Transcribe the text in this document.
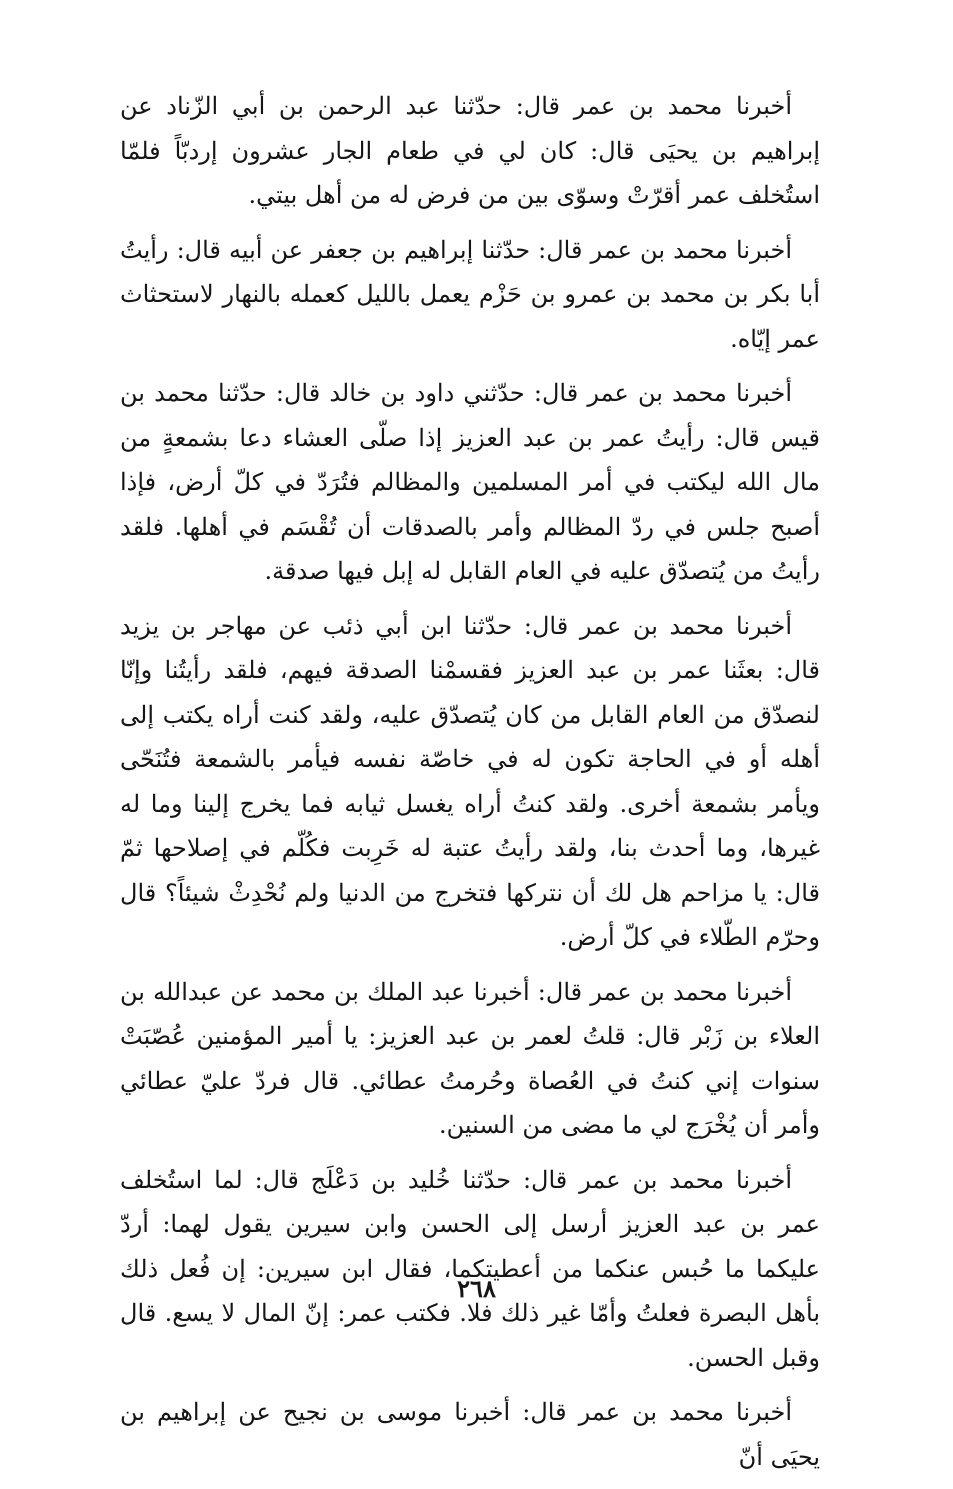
أخبرنا محمد بن عمر قال: حدّثنا عبد الرحمن بن أبي الزّناد عن إبراهيم بن يحيَى قال: كان لي في طعام الجار عشرون إردبّاً فلمّا استُخلف عمر أقرّتْ وسوّى بين من فرض له من أهل بيتي.

أخبرنا محمد بن عمر قال: حدّثنا إبراهيم بن جعفر عن أبيه قال: رأيتُ أبا بكر بن محمد بن عمرو بن حَزْم يعمل بالليل كعمله بالنهار لاستحثاث عمر إيّاه.

أخبرنا محمد بن عمر قال: حدّثني داود بن خالد قال: حدّثنا محمد بن قيس قال: رأيتُ عمر بن عبد العزيز إذا صلّى العشاء دعا بشمعةٍ من مال الله ليكتب في أمر المسلمين والمظالم فتُرَدّ في كلّ أرض، فإذا أصبح جلس في ردّ المظالم وأمر بالصدقات أن تُقْسَم في أهلها. فلقد رأيتُ من يُتصدّق عليه في العام القابل له إبل فيها صدقة.

أخبرنا محمد بن عمر قال: حدّثنا ابن أبي ذئب عن مهاجر بن يزيد قال: بعثَنا عمر بن عبد العزيز فقسمْنا الصدقة فيهم، فلقد رأيتُنا وإنّا لنصدّق من العام القابل من كان يُتصدّق عليه، ولقد كنت أراه يكتب إلى أهله أو في الحاجة تكون له في خاصّة نفسه فيأمر بالشمعة فتُنَحّى ويأمر بشمعة أخرى. ولقد كنتُ أراه يغسل ثيابه فما يخرج إلينا وما له غيرها، وما أحدث بنا، ولقد رأيتُ عتبة له خَرِبت فكُلّم في إصلاحها ثمّ قال: يا مزاحم هل لك أن نتركها فتخرج من الدنيا ولم نُحْدِثْ شيئاً؟ قال وحرّم الطّلاء في كلّ أرض.

أخبرنا محمد بن عمر قال: أخبرنا عبد الملك بن محمد عن عبدالله بن العلاء بن زَبْر قال: قلتُ لعمر بن عبد العزيز: يا أمير المؤمنين عُصّبَتْ سنوات إني كنتُ في العُصاة وحُرمتُ عطائي. قال فردّ عليّ عطائي وأمر أن يُخْرَج لي ما مضى من السنين.

أخبرنا محمد بن عمر قال: حدّثنا خُليد بن دَعْلَج قال: لما استُخلف عمر بن عبد العزيز أرسل إلى الحسن وابن سيرين يقول لهما: أردّ عليكما ما حُبس عنكما من أعطيتكما، فقال ابن سيرين: إن فُعل ذلك بأهل البصرة فعلتُ وأمّا غير ذلك فلا. فكتب عمر: إنّ المال لا يسع. قال وقبل الحسن.

أخبرنا محمد بن عمر قال: أخبرنا موسى بن نجيح عن إبراهيم بن يحيَى أنّ

٢٦٨
